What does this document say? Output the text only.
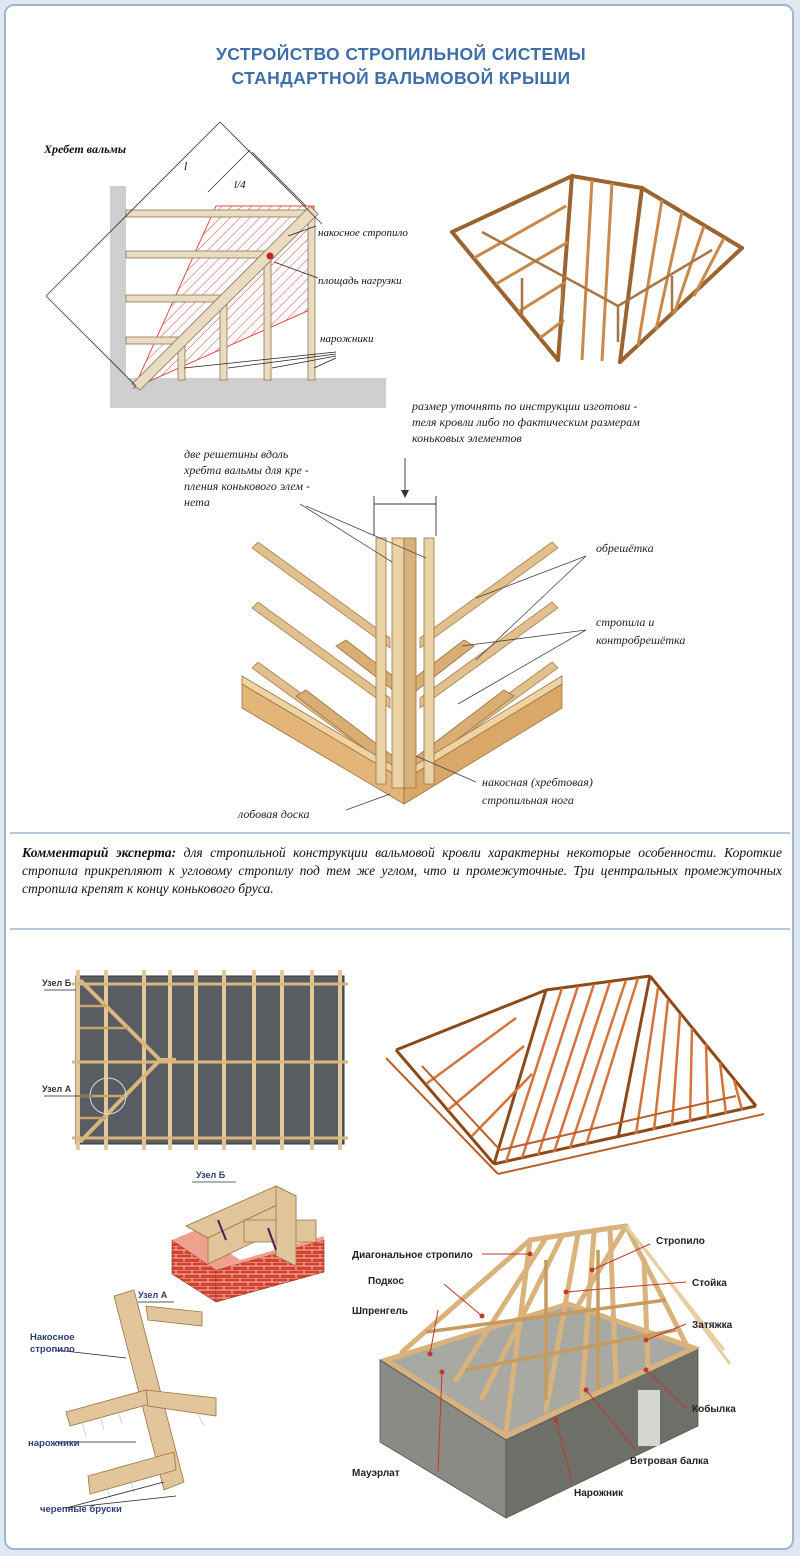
УСТРОЙСТВО СТРОПИЛЬНОЙ СИСТЕМЫ
СТАНДАРТНОЙ ВАЛЬМОВОЙ КРЫШИ
Хребет вальмы
l
l/4
накосное стропило
площадь нагрузки
нарожники
размер уточнять по инструкции изготови -
теля кровли либо по фактическим размерам
коньковых элементов
две решетины вдоль
хребта вальмы для кре -
пления конькового элем -
нета
обрешётка
стропила и
контробрешётка
накосная (хребтовая)
стропильная нога
лобовая доска
Комментарий эксперта: для стропильной конструкции вальмовой кровли характерны некоторые особенности. Короткие стропила прикрепляют к угловому стропилу под тем же углом, что и промежуточные. Три центральных промежуточных стропила крепят к концу конькового бруса.
Узел Б
Узел А
Узел Б
Узел А
Накосное
стропило
нарожники
черепные бруски
Диагональное стропило
Подкос
Шпренгель
Мауэрлат
Стропило
Стойка
Затяжка
Кобылка
Ветровая балка
Нарожник
